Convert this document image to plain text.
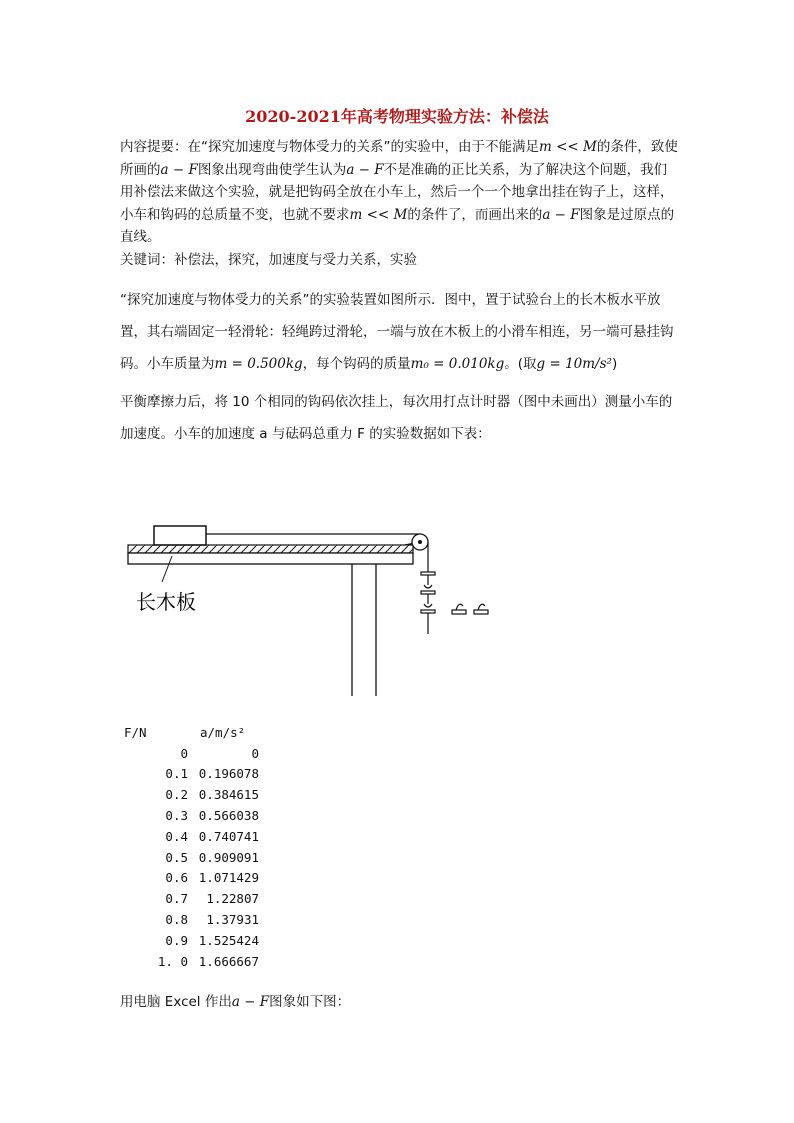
2020-2021年高考物理实验方法：补偿法

内容提要：在“探究加速度与物体受力的关系”的实验中，由于不能满足m << M的条件，致使所画的a − F图象出现弯曲使学生认为a − F不是准确的正比关系，为了解决这个问题，我们用补偿法来做这个实验，就是把钩码全放在小车上，然后一个一个地拿出挂在钩子上，这样，小车和钩码的总质量不变，也就不要求m << M的条件了，而画出来的a − F图象是过原点的直线。

关键词：补偿法，探究，加速度与受力关系，实验

“探究加速度与物体受力的关系”的实验装置如图所示．图中，置于试验台上的长木板水平放置，其右端固定一轻滑轮：轻绳跨过滑轮，一端与放在木板上的小滑车相连，另一端可悬挂钩码。小车质量为m = 0.500kg，每个钩码的质量m₀ = 0.010kg。(取g = 10m/s²)

平衡摩擦力后，将 10 个相同的钩码依次挂上，每次用打点计时器（图中未画出）测量小车的加速度。小车的加速度 a 与砝码总重力 F 的实验数据如下表：

长木板
F/N	a/m/s²
0	0
0.1	0.196078
0.2	0.384615
0.3	0.566038
0.4	0.740741
0.5	0.909091
0.6	1.071429
0.7	1.22807
0.8	1.37931
0.9	1.525424
1. 0	1.666667
用电脑 Excel 作出a − F图象如下图：
